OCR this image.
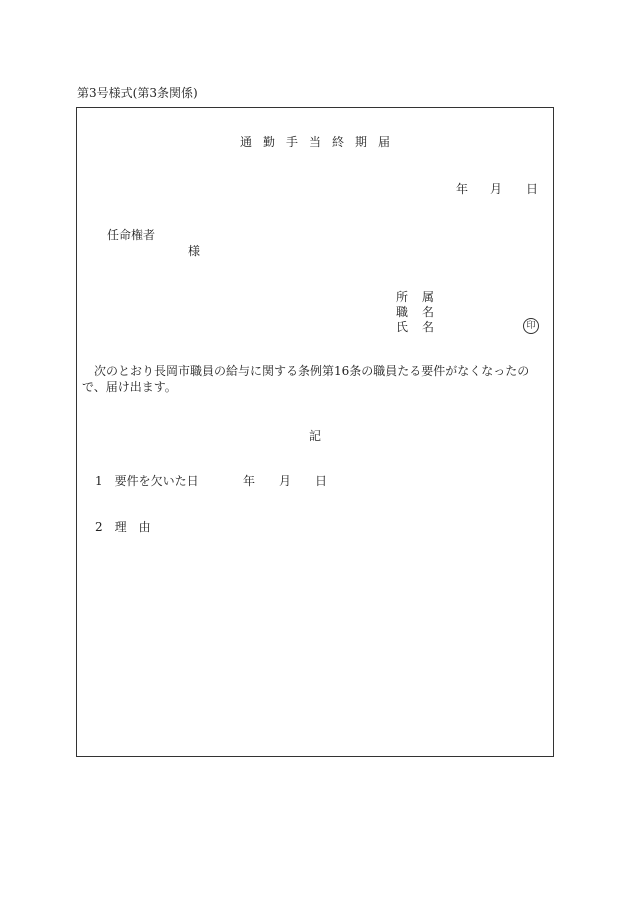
第3号様式(第3条関係)
通勤手当終期届
年 月 日
任命権者
様
所属
職名
氏名	印
次のとおり長岡市職員の給与に関する条例第16条の職員たる要件がなくなったので、届け出ます。
記
1　要件を欠いた日	年 月 日
2　理　由
